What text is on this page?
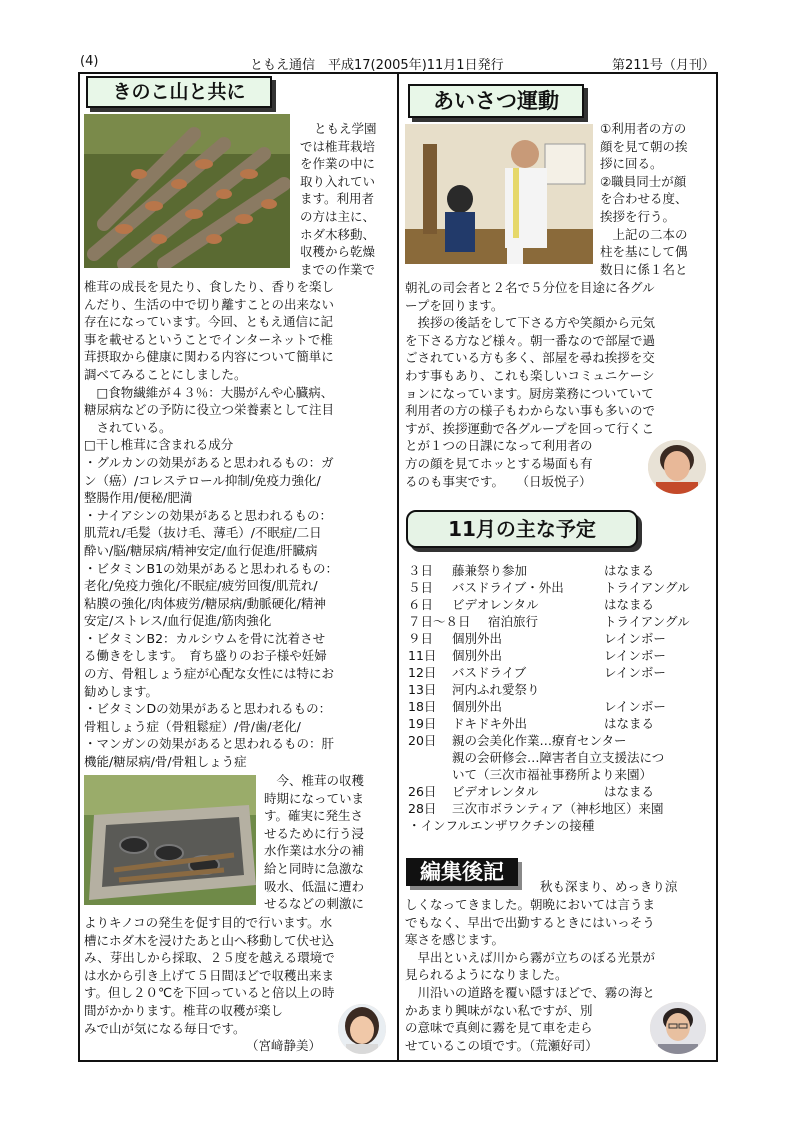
(4)	ともえ通信　平成17(2005年)11月1日発行	第211号（月刊）
きのこ山と共に
ともえ学園
では椎茸栽培
を作業の中に
取り入れてい
ます。利用者
の方は主に、
ホダ木移動、
収穫から乾燥
までの作業で
椎茸の成長を見たり、食したり、香りを楽し
んだり、生活の中で切り離すことの出来ない
存在になっています。今回、ともえ通信に記
事を載せるということでインターネットで椎
茸摂取から健康に関わる内容について簡単に
調べてみることにしました。
　□食物繊維が４３％：大腸がんや心臓病、
糖尿病などの予防に役立つ栄養素として注目
　されている。
□干し椎茸に含まれる成分
・グルカンの効果があると思われるもの：ガ
ン（癌）/コレステロール抑制/免疫力強化/
整腸作用/便秘/肥満
・ナイアシンの効果があると思われるもの：
肌荒れ/毛髪（抜け毛、薄毛）/不眠症/二日
酔い/脳/糖尿病/精神安定/血行促進/肝臓病
・ビタミンB1の効果があると思われるもの：
老化/免疫力強化/不眠症/疲労回復/肌荒れ/
粘膜の強化/肉体疲労/糖尿病/動脈硬化/精神
安定/ストレス/血行促進/筋肉強化
・ビタミンB2：カルシウムを骨に沈着させ
る働きをします。　育ち盛りのお子様や妊婦
の方、骨粗しょう症が心配な女性には特にお
勧めします。
・ビタミンDの効果があると思われるもの：
骨粗しょう症（骨粗鬆症）/骨/歯/老化/
・マンガンの効果があると思われるもの：肝
機能/糖尿病/骨/骨粗しょう症
　今、椎茸の収穫
時期になっていま
す。確実に発生さ
せるために行う浸
水作業は水分の補
給と同時に急激な
吸水、低温に遭わ
せるなどの刺激に
よりキノコの発生を促す目的で行います。水
槽にホダ木を浸けたあと山へ移動して伏せ込
み、芽出しから採取、２５度を越える環境で
は水から引き上げて５日間ほどで収穫出来ま
す。但し２０℃を下回っていると倍以上の時
間がかかります。椎茸の収穫が楽し
みで山が気になる毎日です。
（宮﨑静美）
あいさつ運動
①利用者の方の
顔を見て朝の挨
拶に回る。
②職員同士が顔
を合わせる度、
挨拶を行う。
　上記の二本の
柱を基にして偶
数日に係１名と
朝礼の司会者と２名で５分位を目途に各グル
ープを回ります。
　挨拶の後話をして下さる方や笑顔から元気
を下さる方など様々。朝一番なので部屋で過
ごされている方も多く、部屋を尋ね挨拶を交
わす事もあり、これも楽しいコミュニケーシ
ョンになっています。厨房業務についていて
利用者の方の様子もわからない事も多いので
すが、挨拶運動で各グループを回って行くこ
とが１つの日課になって利用者の
方の顔を見てホッとする場面も有
るのも事実です。　　（日坂悦子）
11月の主な予定
３日 藤兼祭り参加	はなまる
５日 バスドライブ・外出	トライアングル
６日 ビデオレンタル	はなまる
７日～８日 宿泊旅行	トライアングル
９日 個別外出	レインボー
11日 個別外出	レインボー
12日 バスドライブ	レインボー
13日 河内ふれ愛祭り
18日 個別外出	レインボー
19日 ドキドキ外出	はなまる
20日 親の会美化作業…療育センター
親の会研修会…障害者自立支援法につ
いて（三次市福祉事務所より来園）
26日 ビデオレンタル	はなまる
28日 三次市ボランティア（神杉地区）来園
・インフルエンザワクチンの接種
編集後記
秋も深まり、めっきり涼
しくなってきました。朝晩においては言うま
でもなく、早出で出勤するときにはいっそう
寒さを感じます。
　早出といえば川から霧が立ちのぼる光景が
見られるようになりました。
　川沿いの道路を覆い隠すほどで、霧の海と
かあまり興味がない私ですが、別
の意味で真剣に霧を見て車を走ら
せているこの頃です。（荒瀬好司）
